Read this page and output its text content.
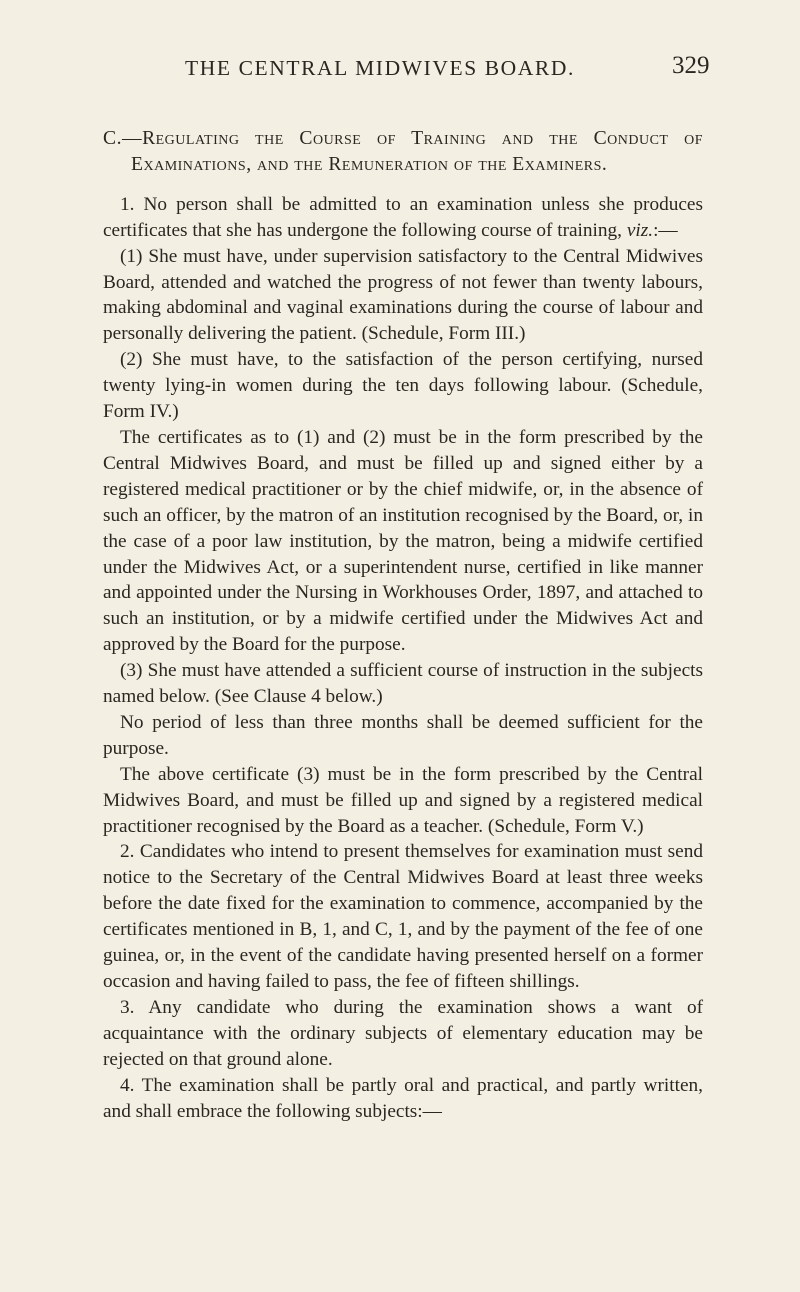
THE CENTRAL MIDWIVES BOARD.	329

C.—Regulating the Course of Training and the Conduct of Examinations, and the Remuneration of the Examiners.

1. No person shall be admitted to an examination unless she produces certificates that she has undergone the following course of training, viz.:—

(1) She must have, under supervision satisfactory to the Central Midwives Board, attended and watched the progress of not fewer than twenty labours, making abdominal and vaginal examinations during the course of labour and personally delivering the patient. (Schedule, Form III.)

(2) She must have, to the satisfaction of the person certifying, nursed twenty lying-in women during the ten days following labour. (Schedule, Form IV.)

The certificates as to (1) and (2) must be in the form prescribed by the Central Midwives Board, and must be filled up and signed either by a registered medical practitioner or by the chief midwife, or, in the absence of such an officer, by the matron of an institution recognised by the Board, or, in the case of a poor law institution, by the matron, being a midwife certified under the Midwives Act, or a superintendent nurse, certified in like manner and appointed under the Nursing in Workhouses Order, 1897, and attached to such an institution, or by a midwife certified under the Midwives Act and approved by the Board for the purpose.

(3) She must have attended a sufficient course of instruction in the subjects named below. (See Clause 4 below.)

No period of less than three months shall be deemed sufficient for the purpose.

The above certificate (3) must be in the form prescribed by the Central Midwives Board, and must be filled up and signed by a registered medical practitioner recognised by the Board as a teacher. (Schedule, Form V.)

2. Candidates who intend to present themselves for examination must send notice to the Secretary of the Central Midwives Board at least three weeks before the date fixed for the examination to commence, accompanied by the certificates mentioned in B, 1, and C, 1, and by the payment of the fee of one guinea, or, in the event of the candidate having presented herself on a former occasion and having failed to pass, the fee of fifteen shillings.

3. Any candidate who during the examination shows a want of acquaintance with the ordinary subjects of elementary education may be rejected on that ground alone.

4. The examination shall be partly oral and practical, and partly written, and shall embrace the following subjects:—
